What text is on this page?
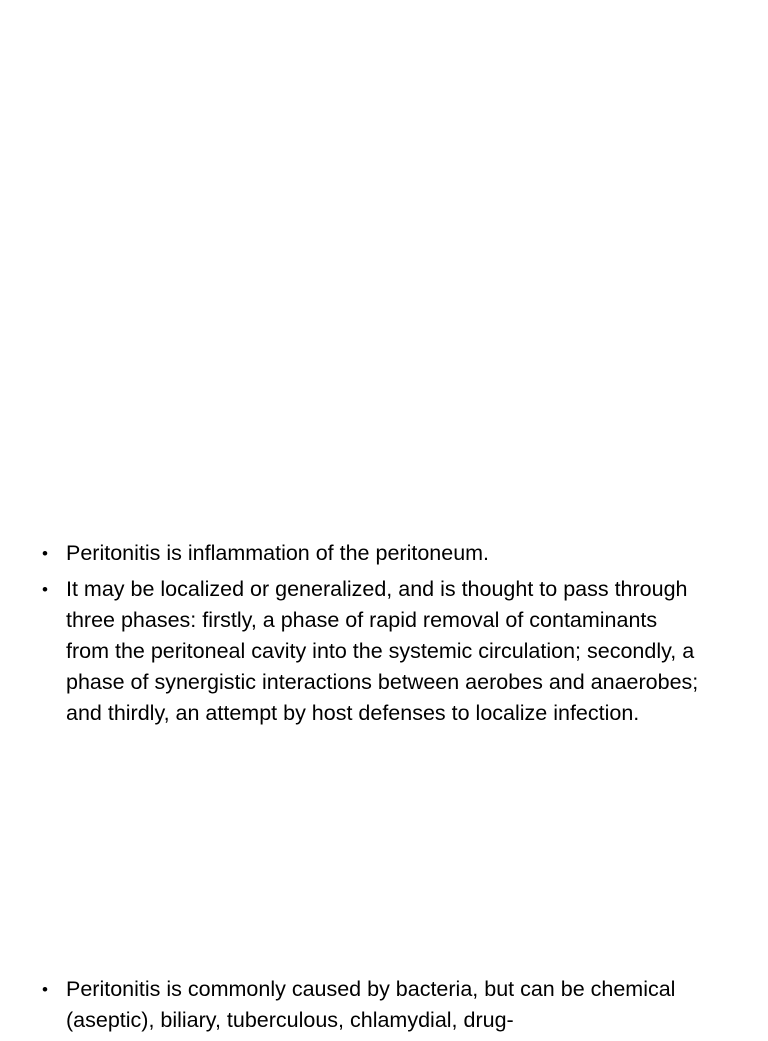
• Peritonitis is inflammation of the peritoneum.
• It may be localized or generalized, and is thought to pass through three phases: firstly, a phase of rapid removal of contaminants from the peritoneal cavity into the systemic circulation; secondly, a phase of synergistic interactions between aerobes and anaerobes; and thirdly, an attempt by host defenses to localize infection.
• Peritonitis is commonly caused by bacteria, but can be chemical (aseptic), biliary, tuberculous, chlamydial, drug-
